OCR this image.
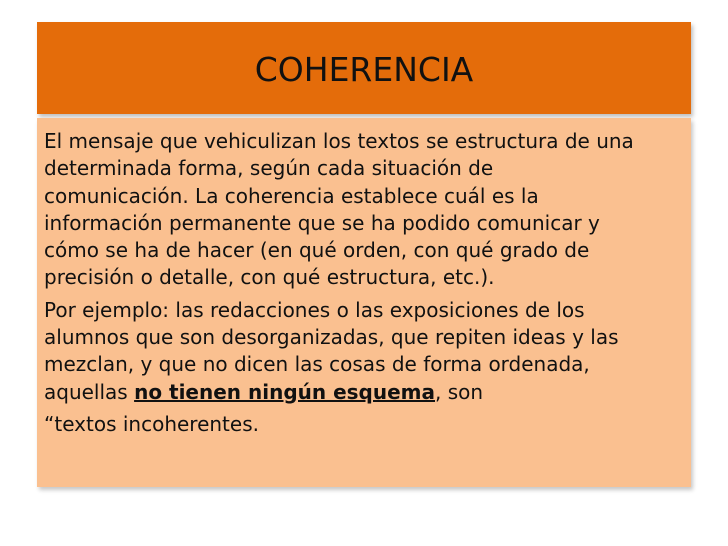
COHERENCIA

El mensaje que vehiculizan los textos se estructura de una

determinada forma, según cada situación de

comunicación. La coherencia establece cuál es la

información permanente que se ha podido comunicar y

cómo se ha de hacer (en qué orden, con qué grado de

precisión o detalle, con qué estructura, etc.).

Por ejemplo: las redacciones o las exposiciones de los

alumnos que son desorganizadas, que repiten ideas y las

mezclan, y que no dicen las cosas de forma ordenada,

aquellas no tienen ningún esquema, son

“textos incoherentes.
